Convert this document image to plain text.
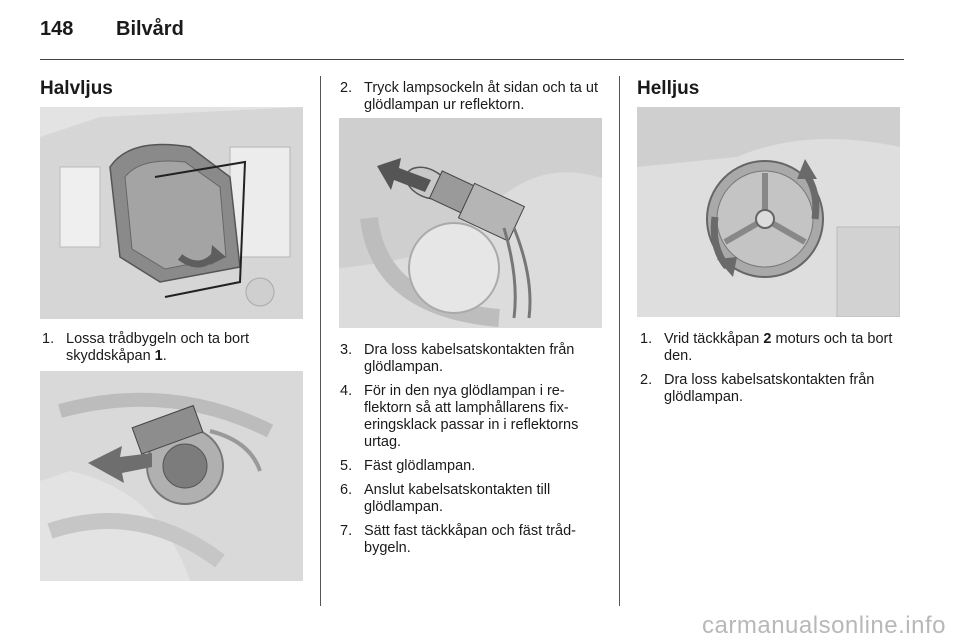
148	Bilvård
Halvljus
1. Lossa trådbygeln och ta bort skyddskåpan 1.
2. Tryck lampsockeln åt sidan och ta ut glödlampan ur reflektorn.
3. Dra loss kabelsatskontakten från glödlampan.
4. För in den nya glödlampan i reflektorn så att lamphållarens fixeringsklack passar in i reflektorns urtag.
5. Fäst glödlampan.
6. Anslut kabelsatskontakten till glödlampan.
7. Sätt fast täckkåpan och fäst trådbygeln.
Helljus
1. Vrid täckkåpan 2 moturs och ta bort den.
2. Dra loss kabelsatskontakten från glödlampan.
carmanualsonline.info
